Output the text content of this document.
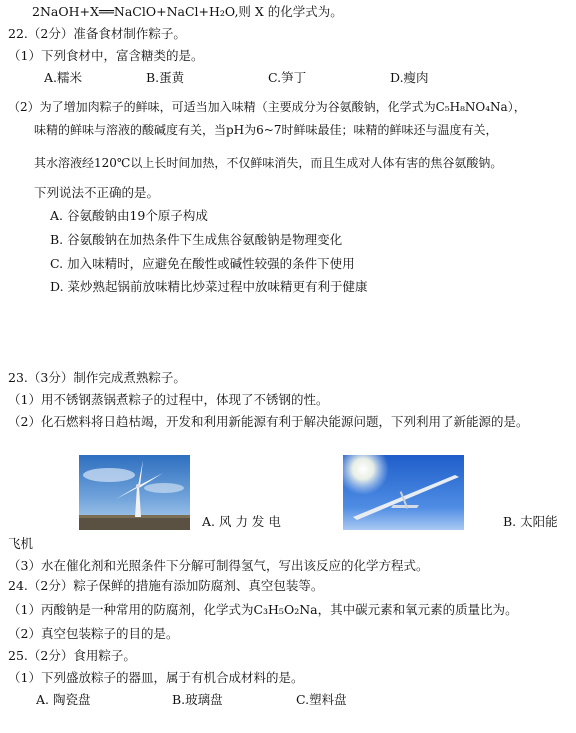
2NaOH+X══NaClO+NaCl+H₂O,则 X 的化学式为。
22.（2分）准备食材制作粽子。
（1）下列食材中，富含糖类的是。
A.糯米	B.蛋黄	C.笋丁	D.瘦肉
（2）为了增加肉粽子的鲜味，可适当加入味精（主要成分为谷氨酸钠，化学式为C₅H₈NO₄Na），
味精的鲜味与溶液的酸碱度有关，当pH为6~7时鲜味最佳；味精的鲜味还与温度有关，
其水溶液经120℃以上长时间加热，不仅鲜味消失，而且生成对人体有害的焦谷氨酸钠。
下列说法不正确的是。
A. 谷氨酸钠由19个原子构成
B. 谷氨酸钠在加热条件下生成焦谷氨酸钠是物理变化
C. 加入味精时，应避免在酸性或碱性较强的条件下使用
D. 菜炒熟起锅前放味精比炒菜过程中放味精更有利于健康
23.（3分）制作完成煮熟粽子。
（1）用不锈钢蒸锅煮粽子的过程中，体现了不锈钢的性。
（2）化石燃料将日趋枯竭，开发和利用新能源有利于解决能源问题，下列利用了新能源的是。
A. 风 力 发 电	B. 太阳能
飞机
（3）水在催化剂和光照条件下分解可制得氢气，写出该反应的化学方程式。
24.（2分）粽子保鲜的措施有添加防腐剂、真空包装等。
（1）丙酸钠是一种常用的防腐剂，化学式为C₃H₅O₂Na，其中碳元素和氧元素的质量比为。
（2）真空包装粽子的目的是。
25.（2分）食用粽子。
（1）下列盛放粽子的器皿，属于有机合成材料的是。
A. 陶瓷盘	B.玻璃盘	C.塑料盘
